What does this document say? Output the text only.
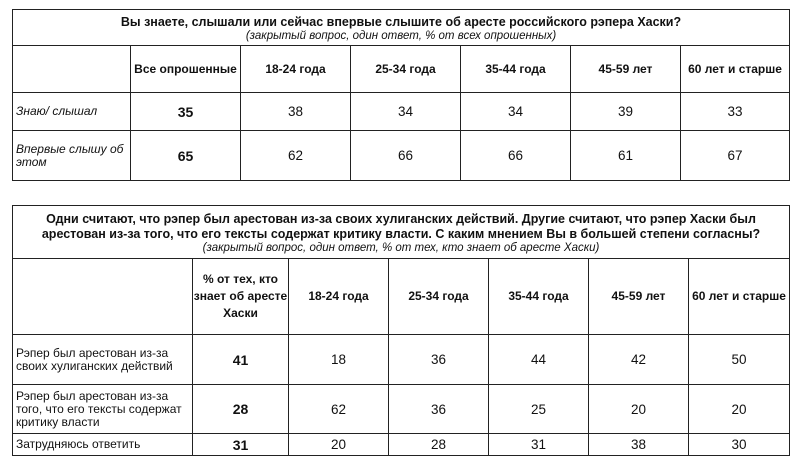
Вы знаете, слышали или сейчас впервые слышите об аресте российского рэпера Хаски?
(закрытый вопрос, один ответ, % от всех опрошенных)						

	Все опрошенные	18-24 года	25-34 года	35-44 года	45-59 лет	60 лет и старше
Знаю/ слышал	35	38	34	34	39	33
Впервые слышу об этом	65	62	66	66	61	67
Одни считают, что рэпер был арестован из-за своих хулиганских действий. Другие считают, что рэпер Хаски был арестован из-за того, что его тексты содержат критику власти. С каким мнением Вы в большей степени согласны?
(закрытый вопрос, один ответ, % от тех, кто знает об аресте Хаски)						

	% от тех, кто знает об аресте Хаски	18-24 года	25-34 года	35-44 года	45-59 лет	60 лет и старше
Рэпер был арестован из-за своих хулиганских действий	41	18	36	44	42	50
Рэпер был арестован из-за того, что его тексты содержат критику власти	28	62	36	25	20	20
Затрудняюсь ответить	31	20	28	31	38	30
